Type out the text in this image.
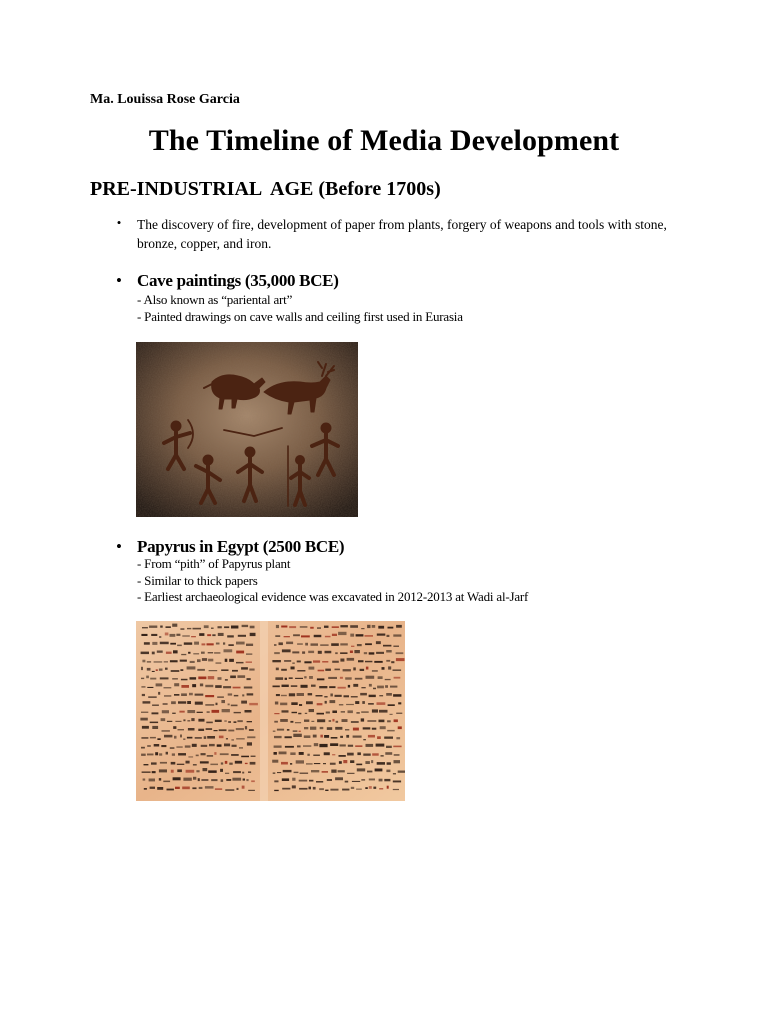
Ma. Louissa Rose Garcia

The Timeline of Media Development
PRE-INDUSTRIAL  AGE (Before 1700s)
• The discovery of fire, development of paper from plants, forgery of weapons and tools with stone, bronze, copper, and iron.

• Cave paintings (35,000 BCE)
- Also known as “pariental art”
- Painted drawings on cave walls and ceiling first used in Eurasia
• Papyrus in Egypt (2500 BCE)
- From “pith” of Papyrus plant
- Similar to thick papers
- Earliest archaeological evidence was excavated in 2012-2013 at Wadi al-Jarf
